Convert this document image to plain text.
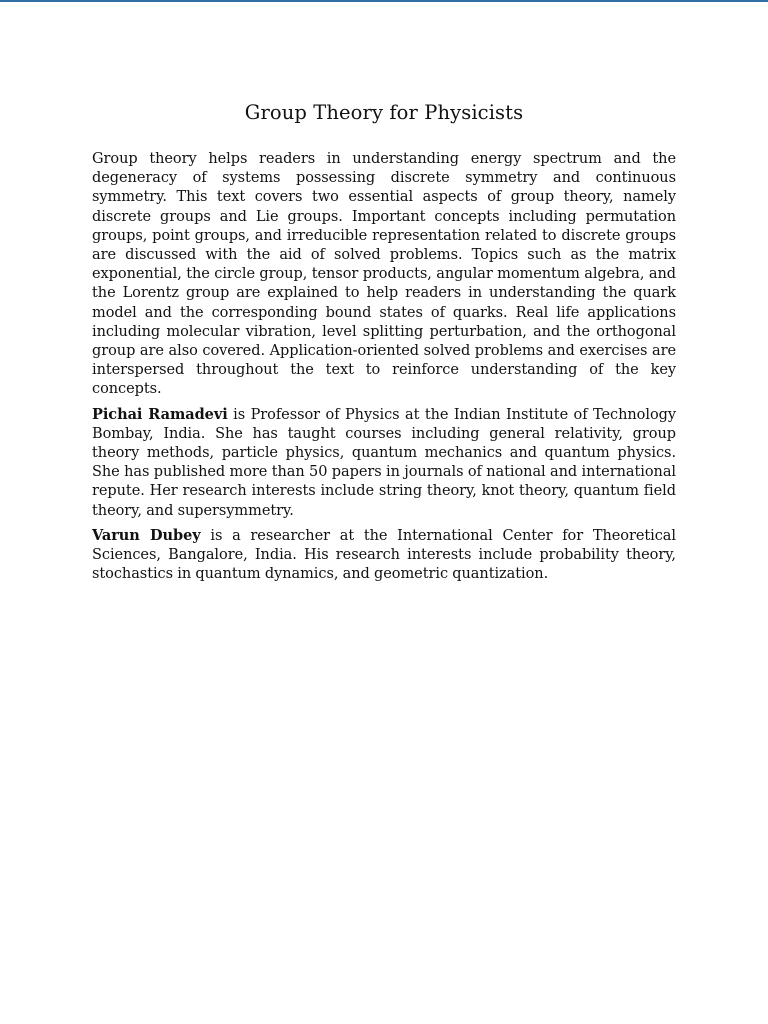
Group Theory for Physicists

Group theory helps readers in understanding energy spectrum and the degeneracy of systems possessing discrete symmetry and continuous symmetry. This text covers two essential aspects of group theory, namely discrete groups and Lie groups. Important concepts including permutation groups, point groups, and irreducible representation related to discrete groups are discussed with the aid of solved problems. Topics such as the matrix exponential, the circle group, tensor products, angular momentum algebra, and the Lorentz group are explained to help readers in understanding the quark model and the corresponding bound states of quarks. Real life applications including molecular vibration, level splitting perturbation, and the orthogonal group are also covered. Application-oriented solved problems and exercises are interspersed throughout the text to reinforce understanding of the key concepts.

Pichai Ramadevi is Professor of Physics at the Indian Institute of Technology Bombay, India. She has taught courses including general relativity, group theory methods, particle physics, quantum mechanics and quantum physics. She has published more than 50 papers in journals of national and international repute. Her research interests include string theory, knot theory, quantum field theory, and supersymmetry.

Varun Dubey is a researcher at the International Center for Theoretical Sciences, Bangalore, India. His research interests include probability theory, stochastics in quantum dynamics, and geometric quantization.
